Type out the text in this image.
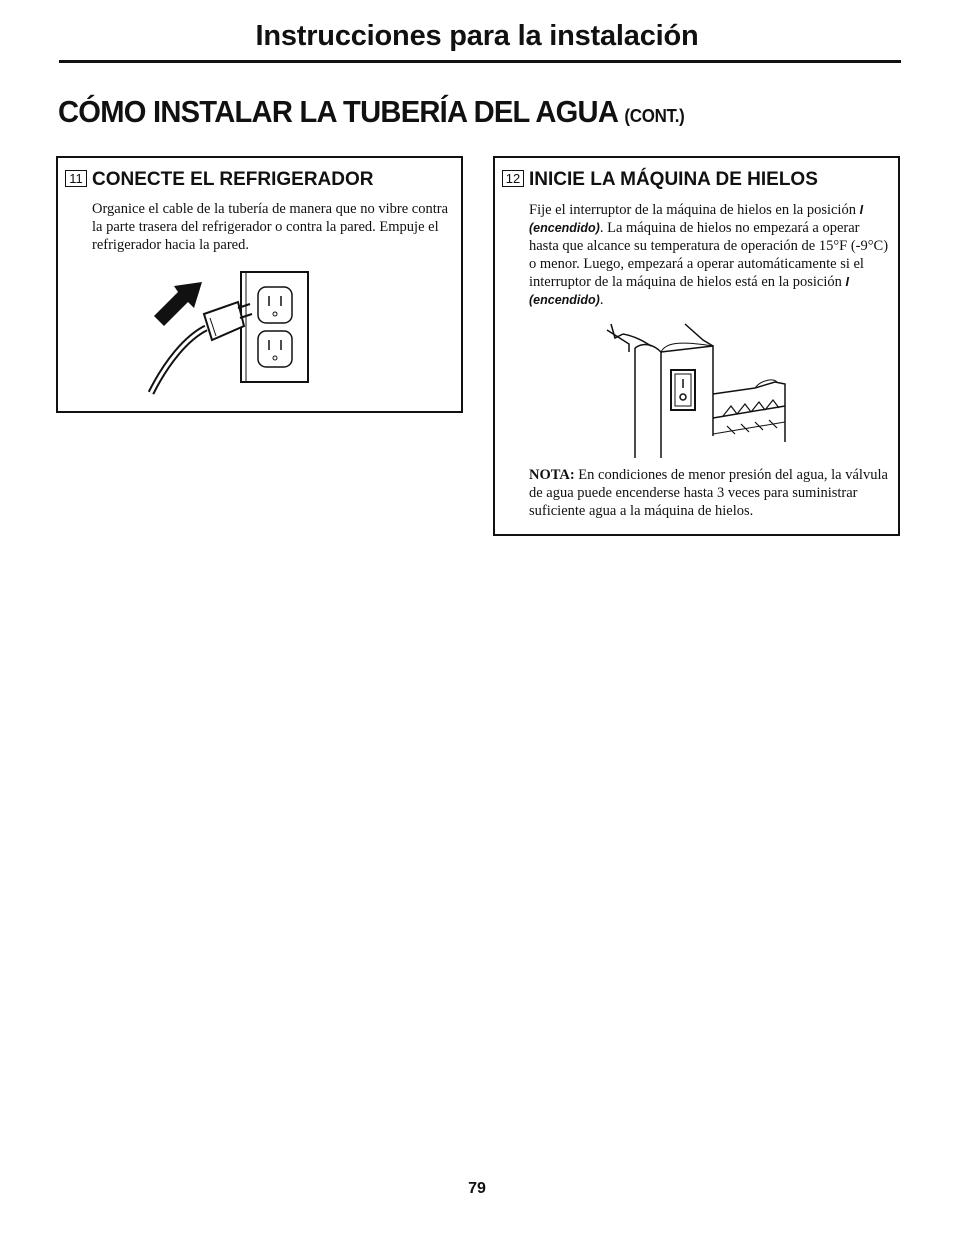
Instrucciones para la instalación
CÓMO INSTALAR LA TUBERÍA DEL AGUA (CONT.)
11 CONECTE EL REFRIGERADOR
Organice el cable de la tubería de manera que no vibre contra la parte trasera del refrigerador o contra la pared. Empuje el refrigerador hacia la pared.
12 INICIE LA MÁQUINA DE HIELOS
Fije el interruptor de la máquina de hielos en la posición I (encendido). La máquina de hielos no empezará a operar hasta que alcance su temperatura de operación de 15°F (-9°C) o menor. Luego, empezará a operar automáticamente si el interruptor de la máquina de hielos está en la posición I (encendido).
NOTA: En condiciones de menor presión del agua, la válvula de agua puede encenderse hasta 3 veces para suministrar suficiente agua a la máquina de hielos.
79
